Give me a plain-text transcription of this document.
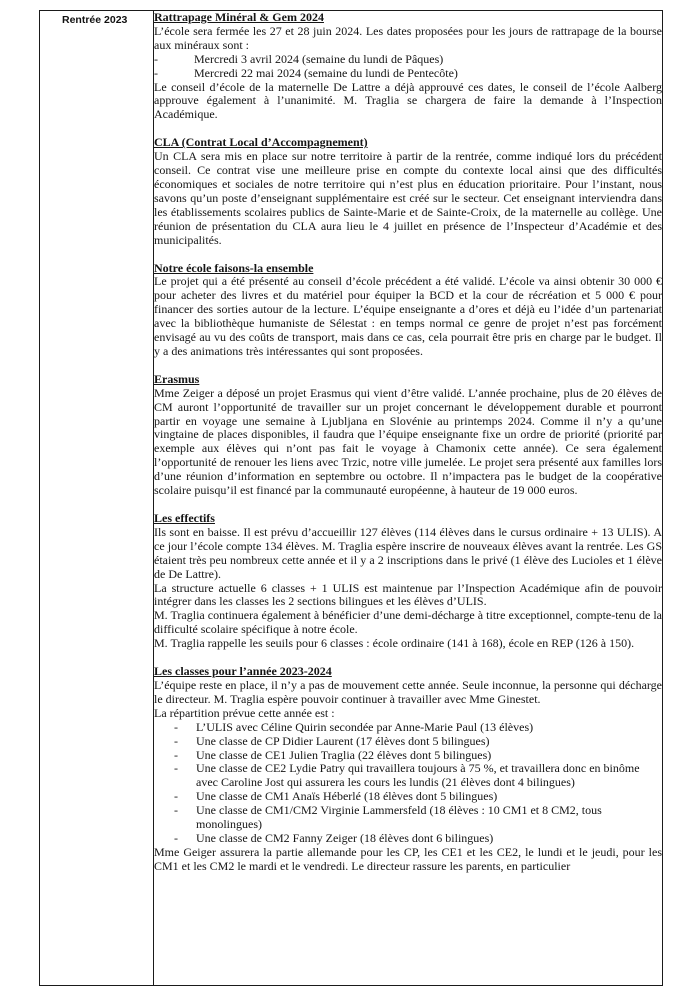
Rentrée 2023	Rattrapage Minéral & Gem 2024

L’école sera fermée les 27 et 28 juin 2024. Les dates proposées pour les jours de rattrapage de la bourse aux minéraux sont :

-	Mercredi 3 avril 2024 (semaine du lundi de Pâques)
-	Mercredi 22 mai 2024 (semaine du lundi de Pentecôte)

Le conseil d’école de la maternelle De Lattre a déjà approuvé ces dates, le conseil de l’école Aalberg approuve également à l’unanimité. M. Traglia se chargera de faire la demande à l’Inspection Académique.

CLA (Contrat Local d’Accompagnement)

Un CLA sera mis en place sur notre territoire à partir de la rentrée, comme indiqué lors du précédent conseil. Ce contrat vise une meilleure prise en compte du contexte local ainsi que des difficultés économiques et sociales de notre territoire qui n’est plus en éducation prioritaire. Pour l’instant, nous savons qu’un poste d’enseignant supplémentaire est créé sur le secteur. Cet enseignant interviendra dans les établissements scolaires publics de Sainte-Marie et de Sainte-Croix, de la maternelle au collège. Une réunion de présentation du CLA aura lieu le 4 juillet en présence de l’Inspecteur d’Académie et des municipalités.

Notre école faisons-la ensemble

Le projet qui a été présenté au conseil d’école précédent a été validé. L’école va ainsi obtenir 30 000 € pour acheter des livres et du matériel pour équiper la BCD et la cour de récréation et 5 000 € pour financer des sorties autour de la lecture. L’équipe enseignante a d’ores et déjà eu l’idée d’un partenariat avec la bibliothèque humaniste de Sélestat : en temps normal ce genre de projet n’est pas forcément envisagé au vu des coûts de transport, mais dans ce cas, cela pourrait être pris en charge par le budget. Il y a des animations très intéressantes qui sont proposées.

Erasmus

Mme Zeiger a déposé un projet Erasmus qui vient d’être validé. L’année prochaine, plus de 20 élèves de CM auront l’opportunité de travailler sur un projet concernant le développement durable et pourront partir en voyage une semaine à Ljubljana en Slovénie au printemps 2024. Comme il n’y a qu’une vingtaine de places disponibles, il faudra que l’équipe enseignante fixe un ordre de priorité (priorité par exemple aux élèves qui n’ont pas fait le voyage à Chamonix cette année). Ce sera également l’opportunité de renouer les liens avec Trzic, notre ville jumelée. Le projet sera présenté aux familles lors d’une réunion d’information en septembre ou octobre. Il n’impactera pas le budget de la coopérative scolaire puisqu’il est financé par la communauté européenne, à hauteur de 19 000 euros.

Les effectifs

Ils sont en baisse. Il est prévu d’accueillir 127 élèves (114 élèves dans le cursus ordinaire + 13 ULIS). A ce jour l’école compte 134 élèves. M. Traglia espère inscrire de nouveaux élèves avant la rentrée. Les GS étaient très peu nombreux cette année et il y a 2 inscriptions dans le privé (1 élève des Lucioles et 1 élève de De Lattre).

La structure actuelle 6 classes + 1 ULIS est maintenue par l’Inspection Académique afin de pouvoir intégrer dans les classes les 2 sections bilingues et les élèves d’ULIS.

M. Traglia continuera également à bénéficier d’une demi-décharge à titre exceptionnel, compte-tenu de la difficulté scolaire spécifique à notre école.

M. Traglia rappelle les seuils pour 6 classes : école ordinaire (141 à 168), école en REP (126 à 150).

Les classes pour l’année 2023-2024

L’équipe reste en place, il n’y a pas de mouvement cette année. Seule inconnue, la personne qui décharge le directeur. M. Traglia espère pouvoir continuer à travailler avec Mme Ginestet.

La répartition prévue cette année est :

- L’ULIS avec Céline Quirin secondée par Anne-Marie Paul (13 élèves)
- Une classe de CP Didier Laurent (17 élèves dont 5 bilingues)
- Une classe de CE1 Julien Traglia (22 élèves dont 5 bilingues)
- Une classe de CE2 Lydie Patry qui travaillera toujours à 75 %, et travaillera donc en binôme avec Caroline Jost qui assurera les cours les lundis (21 élèves dont 4 bilingues)
- Une classe de CM1 Anaïs Héberlé (18 élèves dont 5 bilingues)
- Une classe de CM1/CM2 Virginie Lammersfeld (18 élèves : 10 CM1 et 8 CM2, tous monolingues)
- Une classe de CM2 Fanny Zeiger (18 élèves dont 6 bilingues)

Mme Geiger assurera la partie allemande pour les CP, les CE1 et les CE2, le lundi et le jeudi, pour les CM1 et les CM2 le mardi et le vendredi. Le directeur rassure les parents, en particulier
